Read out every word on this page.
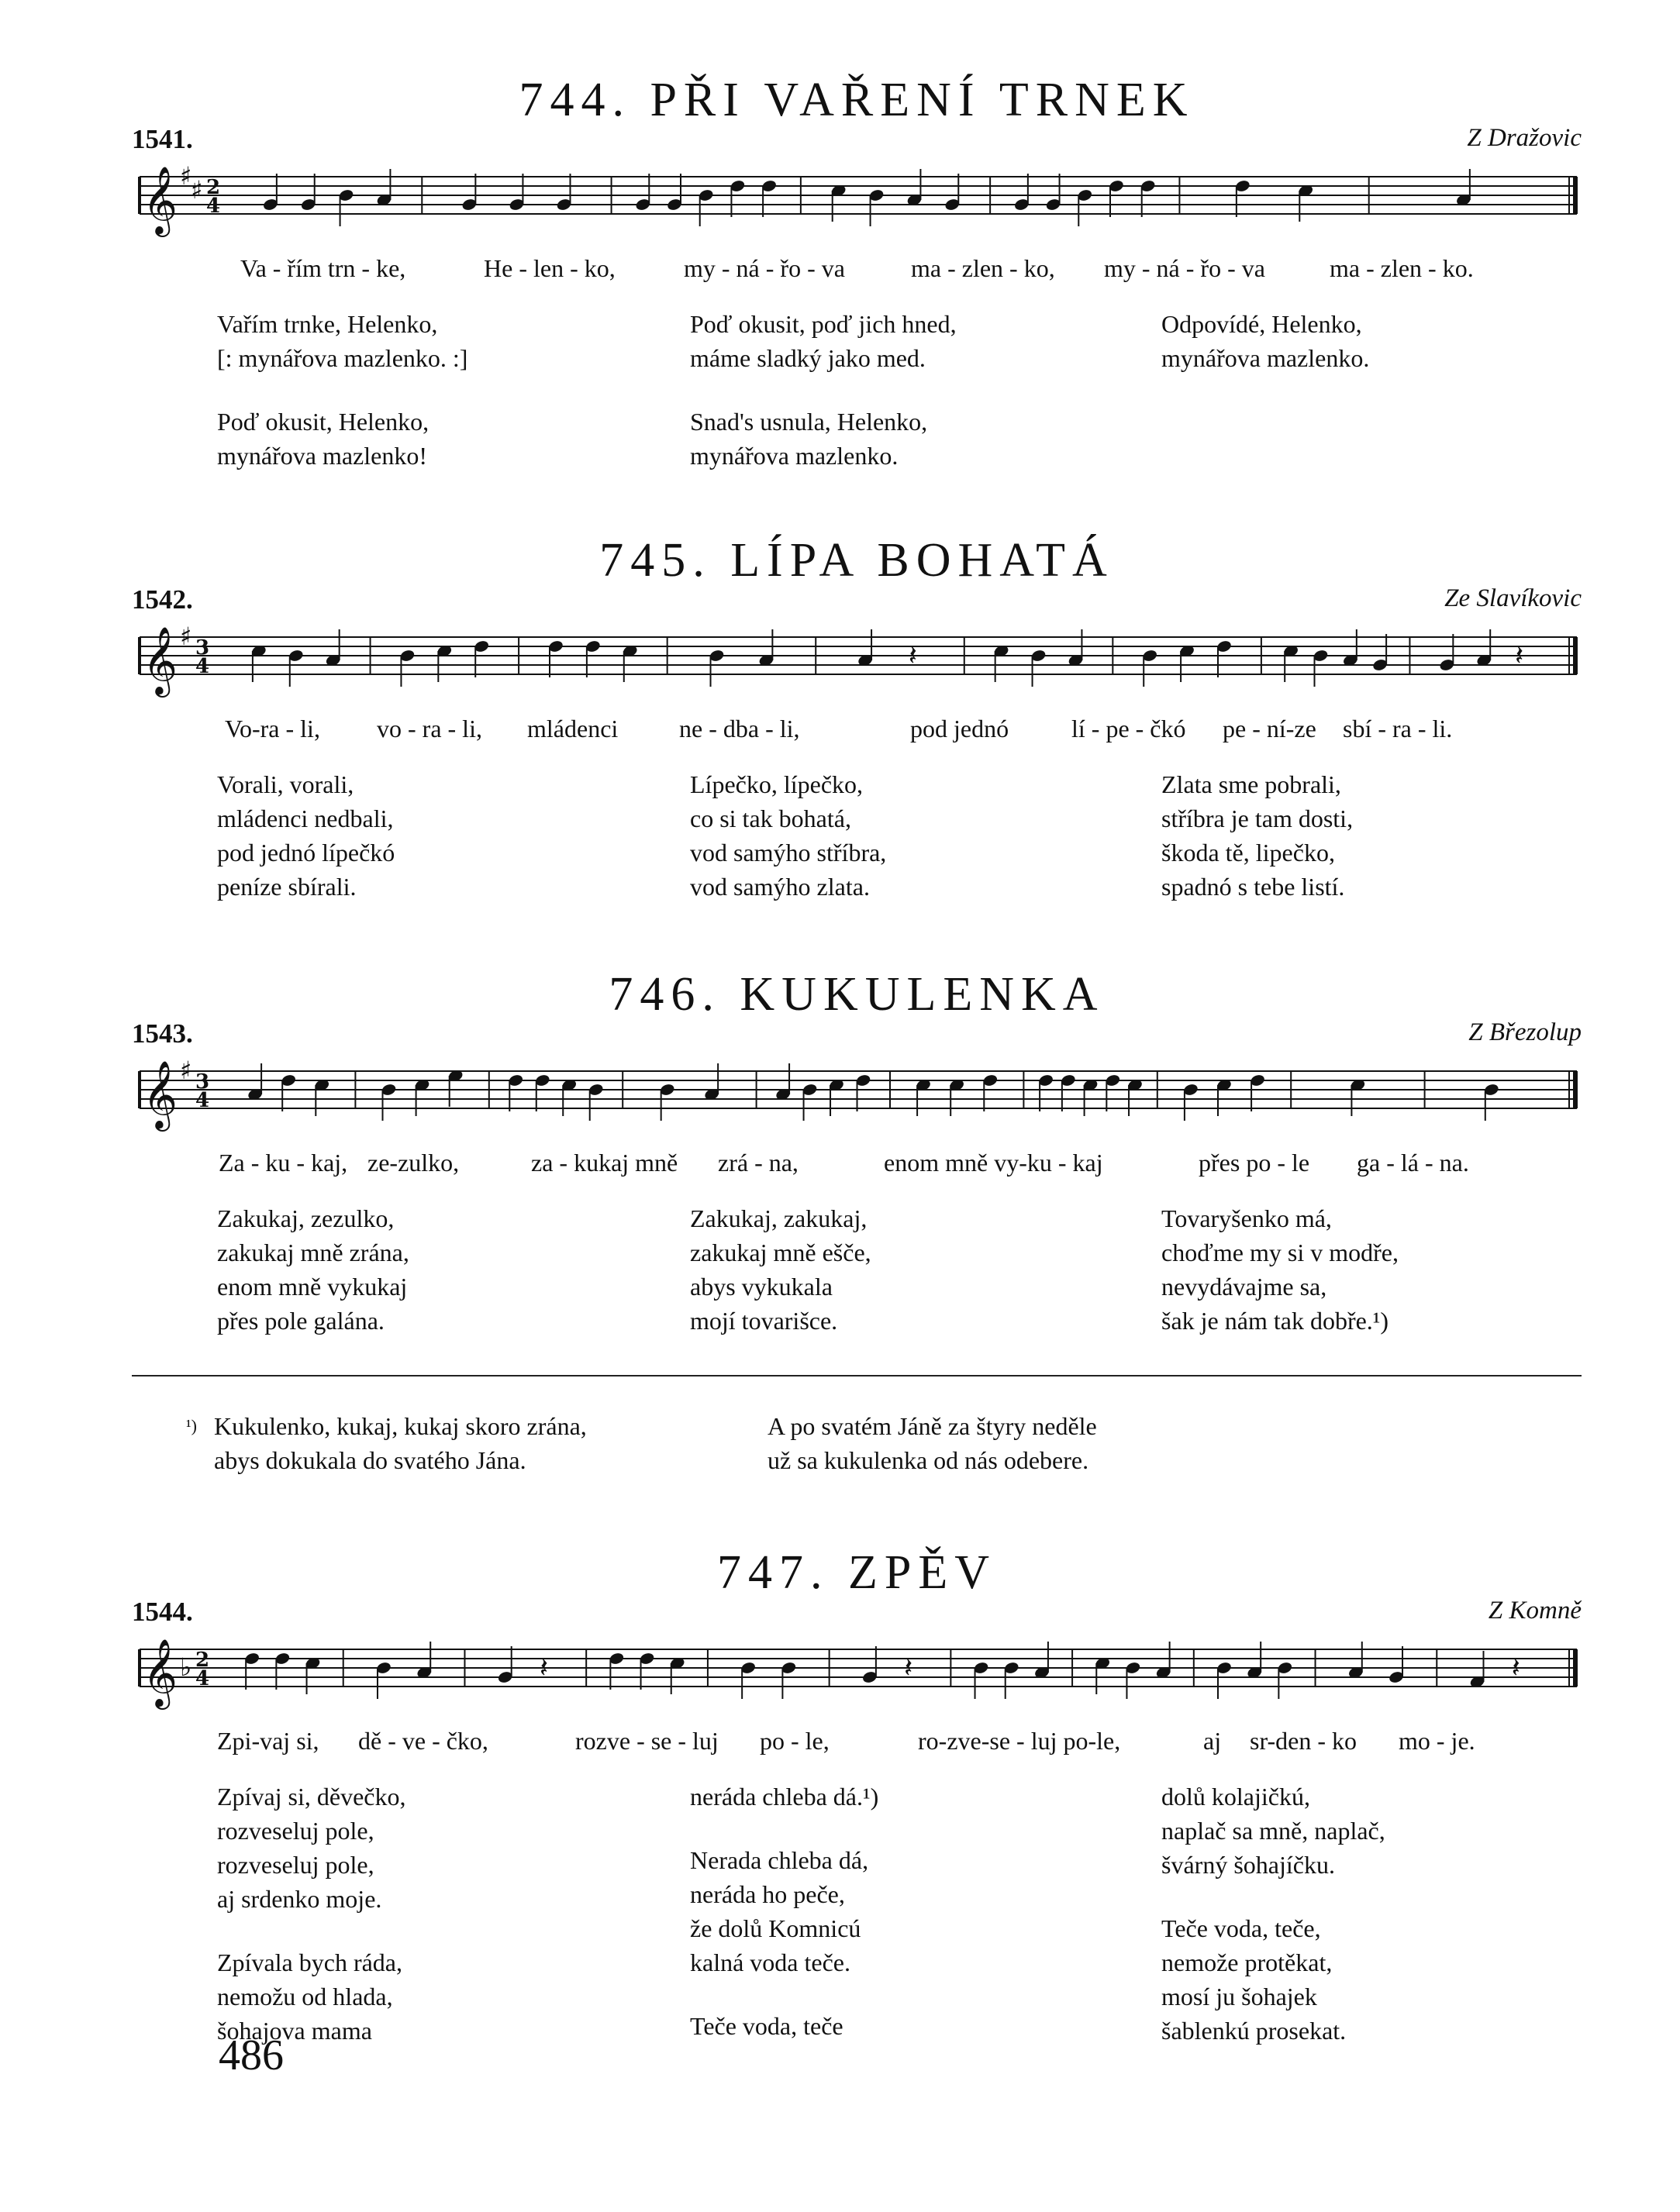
744. PŘI VAŘENÍ TRNEK
1541.	Z Dražovic
𝄞 ♯
♯ 2
4
Va - řím trn - ke,	He - len - ko,	my - ná - řo - va	ma - zlen - ko, my - ná - řo - va	ma - zlen - ko.
Vařím trnke, Helenko,
[: mynářova mazlenko. :]
Poď okusit, Helenko,
mynářova mazlenko!
Poď okusit, poď jich hned,
máme sladký jako med.
Snad's usnula, Helenko,
mynářova mazlenko.
Odpovídé, Helenko,
mynářova mazlenko.
745. LÍPA BOHATÁ
1542.	Ze Slavíkovic
𝄞 ♯ 3
4	𝄽	𝄽
Vo-ra - li, vo - ra - li, mládenci ne - dba - li,	pod jednó	lí - pe - čkó pe - ní-ze sbí - ra - li.
Vorali, vorali,
mládenci nedbali,
pod jednó lípečkó
peníze sbírali.
Lípečko, lípečko,
co si tak bohatá,
vod samýho stříbra,
vod samýho zlata.
Zlata sme pobrali,
stříbra je tam dosti,
škoda tě, lipečko,
spadnó s tebe listí.
746. KUKULENKA
1543.	Z Březolup
𝄞 ♯ 3
4
Za - ku - kaj, ze-zulko,	za - kukaj mně zrá - na,	enom mně vy-ku - kaj	přes po - le ga - lá - na.
Zakukaj, zezulko,
zakukaj mně zrána,
enom mně vykukaj
přes pole galána.
Zakukaj, zakukaj,
zakukaj mně ešče,
abys vykukala
mojí tovarišce.
Tovaryšenko má,
choďme my si v modře,
nevydávajme sa,
šak je nám tak dobře.¹)
¹) Kukulenko, kukaj, kukaj skoro zrána,
abys dokukala do svatého Jána.
A po svatém Jáně za štyry neděle
už sa kukulenka od nás odebere.
747. ZPĚV
1544.	Z Komně
𝄞 ♭ 2
4	𝄽	𝄽	𝄽
Zpi-vaj si, dě - ve - čko,	rozve - se - luj po - le,	ro-zve-se - luj po-le,	aj sr-den - ko mo - je.
Zpívaj si, děvečko,
rozveseluj pole,
rozveseluj pole,
aj srdenko moje.
Zpívala bych ráda,
nemožu od hlada,
šohajova mama
neráda chleba dá.¹)
Nerada chleba dá,
neráda ho peče,
že dolů Komnicú
kalná voda teče.
Teče voda, teče
dolů kolajičkú,
naplač sa mně, naplač,
švárný šohajíčku.
Teče voda, teče,
nemože protěkat,
mosí ju šohajek
šablenkú prosekat.
486
